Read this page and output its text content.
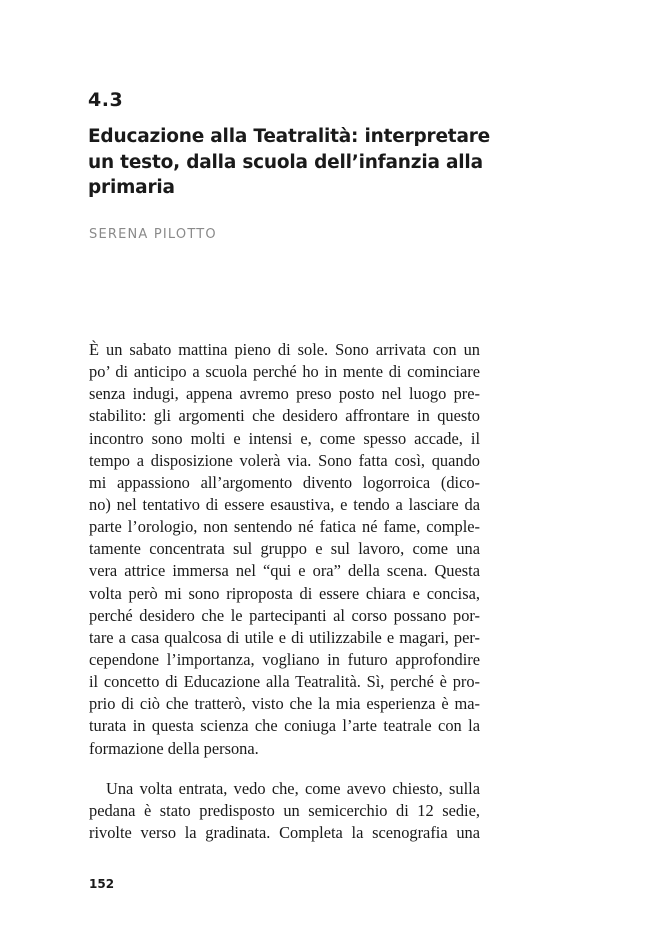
4.3
Educazione alla Teatralità: interpretare
un testo, dalla scuola dell’infanzia alla
primaria
SERENA PILOTTO
È un sabato mattina pieno di sole. Sono arrivata con un
po’ di anticipo a scuola perché ho in mente di cominciare
senza indugi, appena avremo preso posto nel luogo pre-
stabilito: gli argomenti che desidero affrontare in questo
incontro sono molti e intensi e, come spesso accade, il
tempo a disposizione volerà via. Sono fatta così, quando
mi appassiono all’argomento divento logorroica (dico-
no) nel tentativo di essere esaustiva, e tendo a lasciare da
parte l’orologio, non sentendo né fatica né fame, comple-
tamente concentrata sul gruppo e sul lavoro, come una
vera attrice immersa nel “qui e ora” della scena. Questa
volta però mi sono riproposta di essere chiara e concisa,
perché desidero che le partecipanti al corso possano por-
tare a casa qualcosa di utile e di utilizzabile e magari, per-
cependone l’importanza, vogliano in futuro approfondire
il concetto di Educazione alla Teatralità. Sì, perché è pro-
prio di ciò che tratterò, visto che la mia esperienza è ma-
turata in questa scienza che coniuga l’arte teatrale con la
formazione della persona.
Una volta entrata, vedo che, come avevo chiesto, sulla
pedana è stato predisposto un semicerchio di 12 sedie,
rivolte verso la gradinata. Completa la scenografia una
152
